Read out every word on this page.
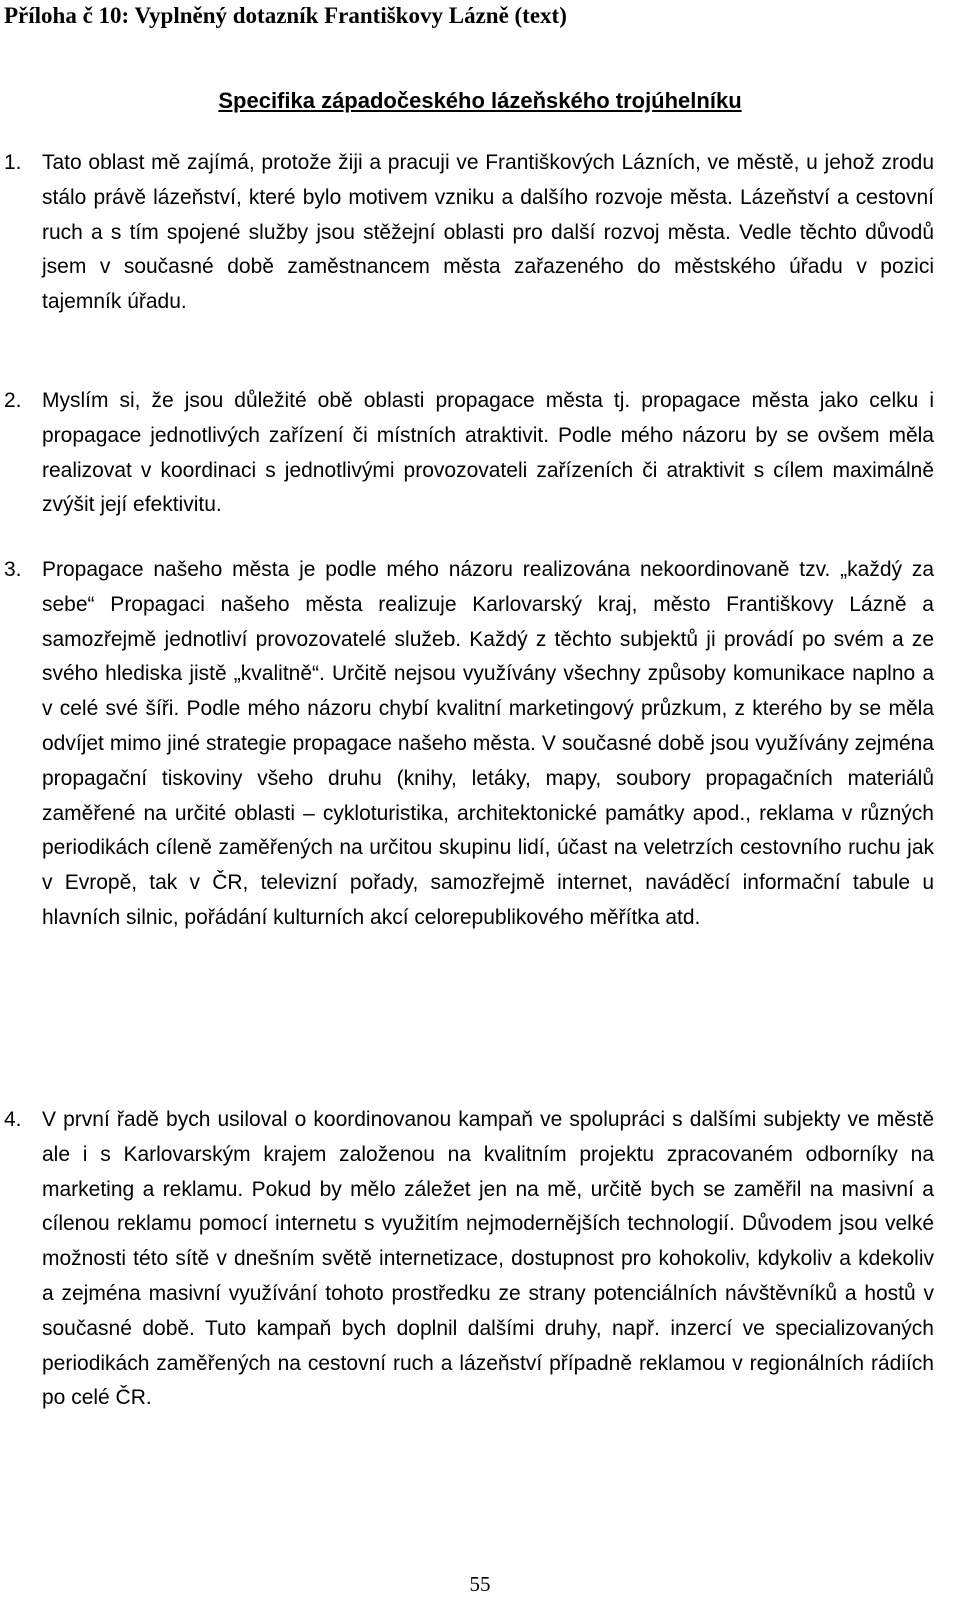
Příloha č 10: Vyplněný dotazník Františkovy Lázně (text)
Specifika západočeského lázeňského trojúhelníku
1. Tato oblast mě zajímá, protože žiji a pracuji ve Františkových Lázních, ve městě, u jehož zrodu stálo právě lázeňství, které bylo motivem vzniku a dalšího rozvoje města. Lázeňství a cestovní ruch a s tím spojené služby jsou stěžejní oblasti pro další rozvoj města. Vedle těchto důvodů jsem v současné době zaměstnancem města zařazeného do městského úřadu v pozici tajemník úřadu.
2. Myslím si, že jsou důležité obě oblasti propagace města tj. propagace města jako celku i propagace jednotlivých zařízení či místních atraktivit. Podle mého názoru by se ovšem měla realizovat v koordinaci s jednotlivými provozovateli zařízeních či atraktivit s cílem maximálně zvýšit její efektivitu.
3. Propagace našeho města je podle mého názoru realizována nekoordinovaně tzv. „každý za sebe“ Propagaci našeho města realizuje Karlovarský kraj, město Františkovy Lázně a samozřejmě jednotliví provozovatelé služeb. Každý z těchto subjektů ji provádí po svém a ze svého hlediska jistě „kvalitně“. Určitě nejsou využívány všechny způsoby komunikace naplno a v celé své šíři. Podle mého názoru chybí kvalitní marketingový průzkum, z kterého by se měla odvíjet mimo jiné strategie propagace našeho města. V současné době jsou využívány zejména propagační tiskoviny všeho druhu (knihy, letáky, mapy, soubory propagačních materiálů zaměřené na určité oblasti – cykloturistika, architektonické památky apod., reklama v různých periodikách cíleně zaměřených na určitou skupinu lidí, účast na veletrzích cestovního ruchu jak v Evropě, tak v ČR, televizní pořady, samozřejmě internet, naváděcí informační tabule u hlavních silnic, pořádání kulturních akcí celorepublikového měřítka atd.
4. V první řadě bych usiloval o koordinovanou kampaň ve spolupráci s dalšími subjekty ve městě ale i s Karlovarským krajem založenou na kvalitním projektu zpracovaném odborníky na marketing a reklamu. Pokud by mělo záležet jen na mě, určitě bych se zaměřil na masivní a cílenou reklamu pomocí internetu s využitím nejmodernějších technologií. Důvodem jsou velké možnosti této sítě v dnešním světě internetizace, dostupnost pro kohokoliv, kdykoliv a kdekoliv a zejména masivní využívání tohoto prostředku ze strany potenciálních návštěvníků a hostů v současné době. Tuto kampaň bych doplnil dalšími druhy, např. inzercí ve specializovaných periodikách zaměřených na cestovní ruch a lázeňství případně reklamou v regionálních rádiích po celé ČR.
55
